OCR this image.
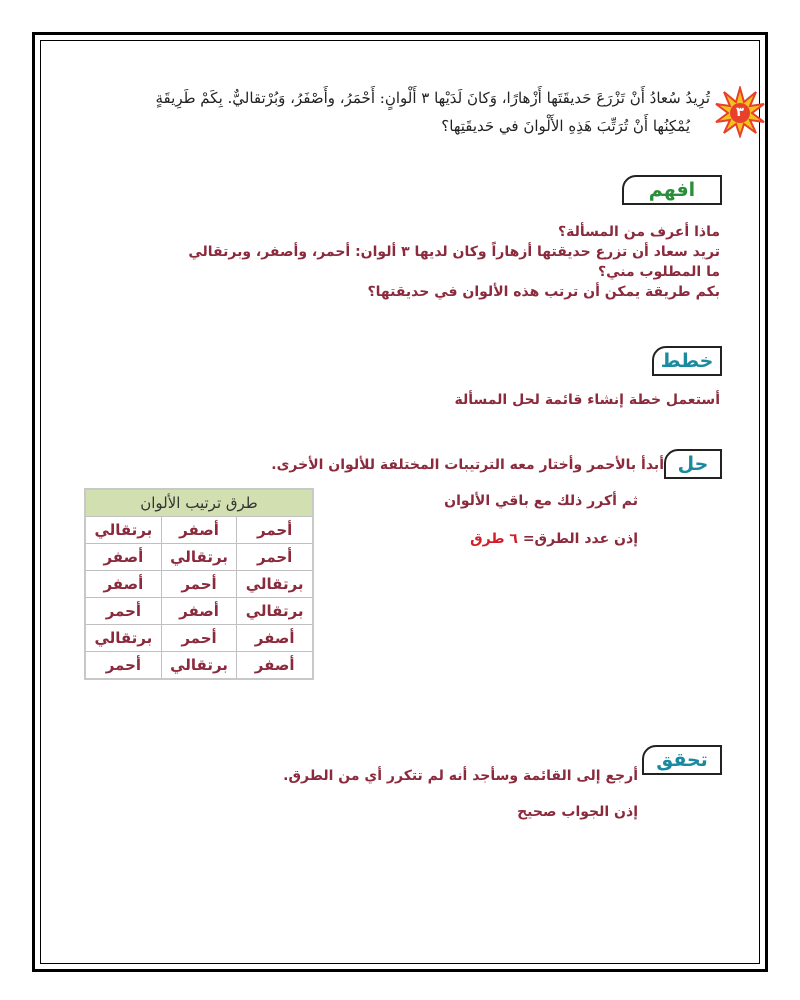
٣
تُرِيدُ سُعادُ أَنْ تَزْرَعَ حَديقَتَها أَزْهارًا، وَكانَ لَدَيْها ٣ أَلْوانٍ: أَحْمَرُ، وأَصْفَرُ، وَبُرْتقاليٌّ. بِكَمْ طَرِيقَةٍ
يُمْكِنُها أَنْ تُرَتِّبَ هَذِهِ الأَلْوانَ في حَديقَتِها؟
افهم
ماذا أعرف من المسألة؟
تريد سعاد أن تزرع حديقتها أزهاراً وكان لديها ٣ ألوان: أحمر، وأصفر، وبرتقالي
ما المطلوب مني؟
بكم طريقة يمكن أن ترتب هذه الألوان في حديقتها؟
خطط
أستعمل خطة إنشاء قائمة لحل المسألة
حل
أبدأ بالأحمر وأختار معه الترتيبات المختلفة للألوان الأخرى.
ثم أكرر ذلك مع باقي الألوان
إذن عدد الطرق= ٦ طرق
طرق ترتيب الألوان		
أحمر	أصفر	برتقالي
أحمر	برتقالي	أصفر
برتقالي	أحمر	أصفر
برتقالي	أصفر	أحمر
أصفر	أحمر	برتقالي
أصفر	برتقالي	أحمر
تحقق
أرجع إلى القائمة وسأجد أنه لم تتكرر أي من الطرق.
إذن الجواب صحيح
